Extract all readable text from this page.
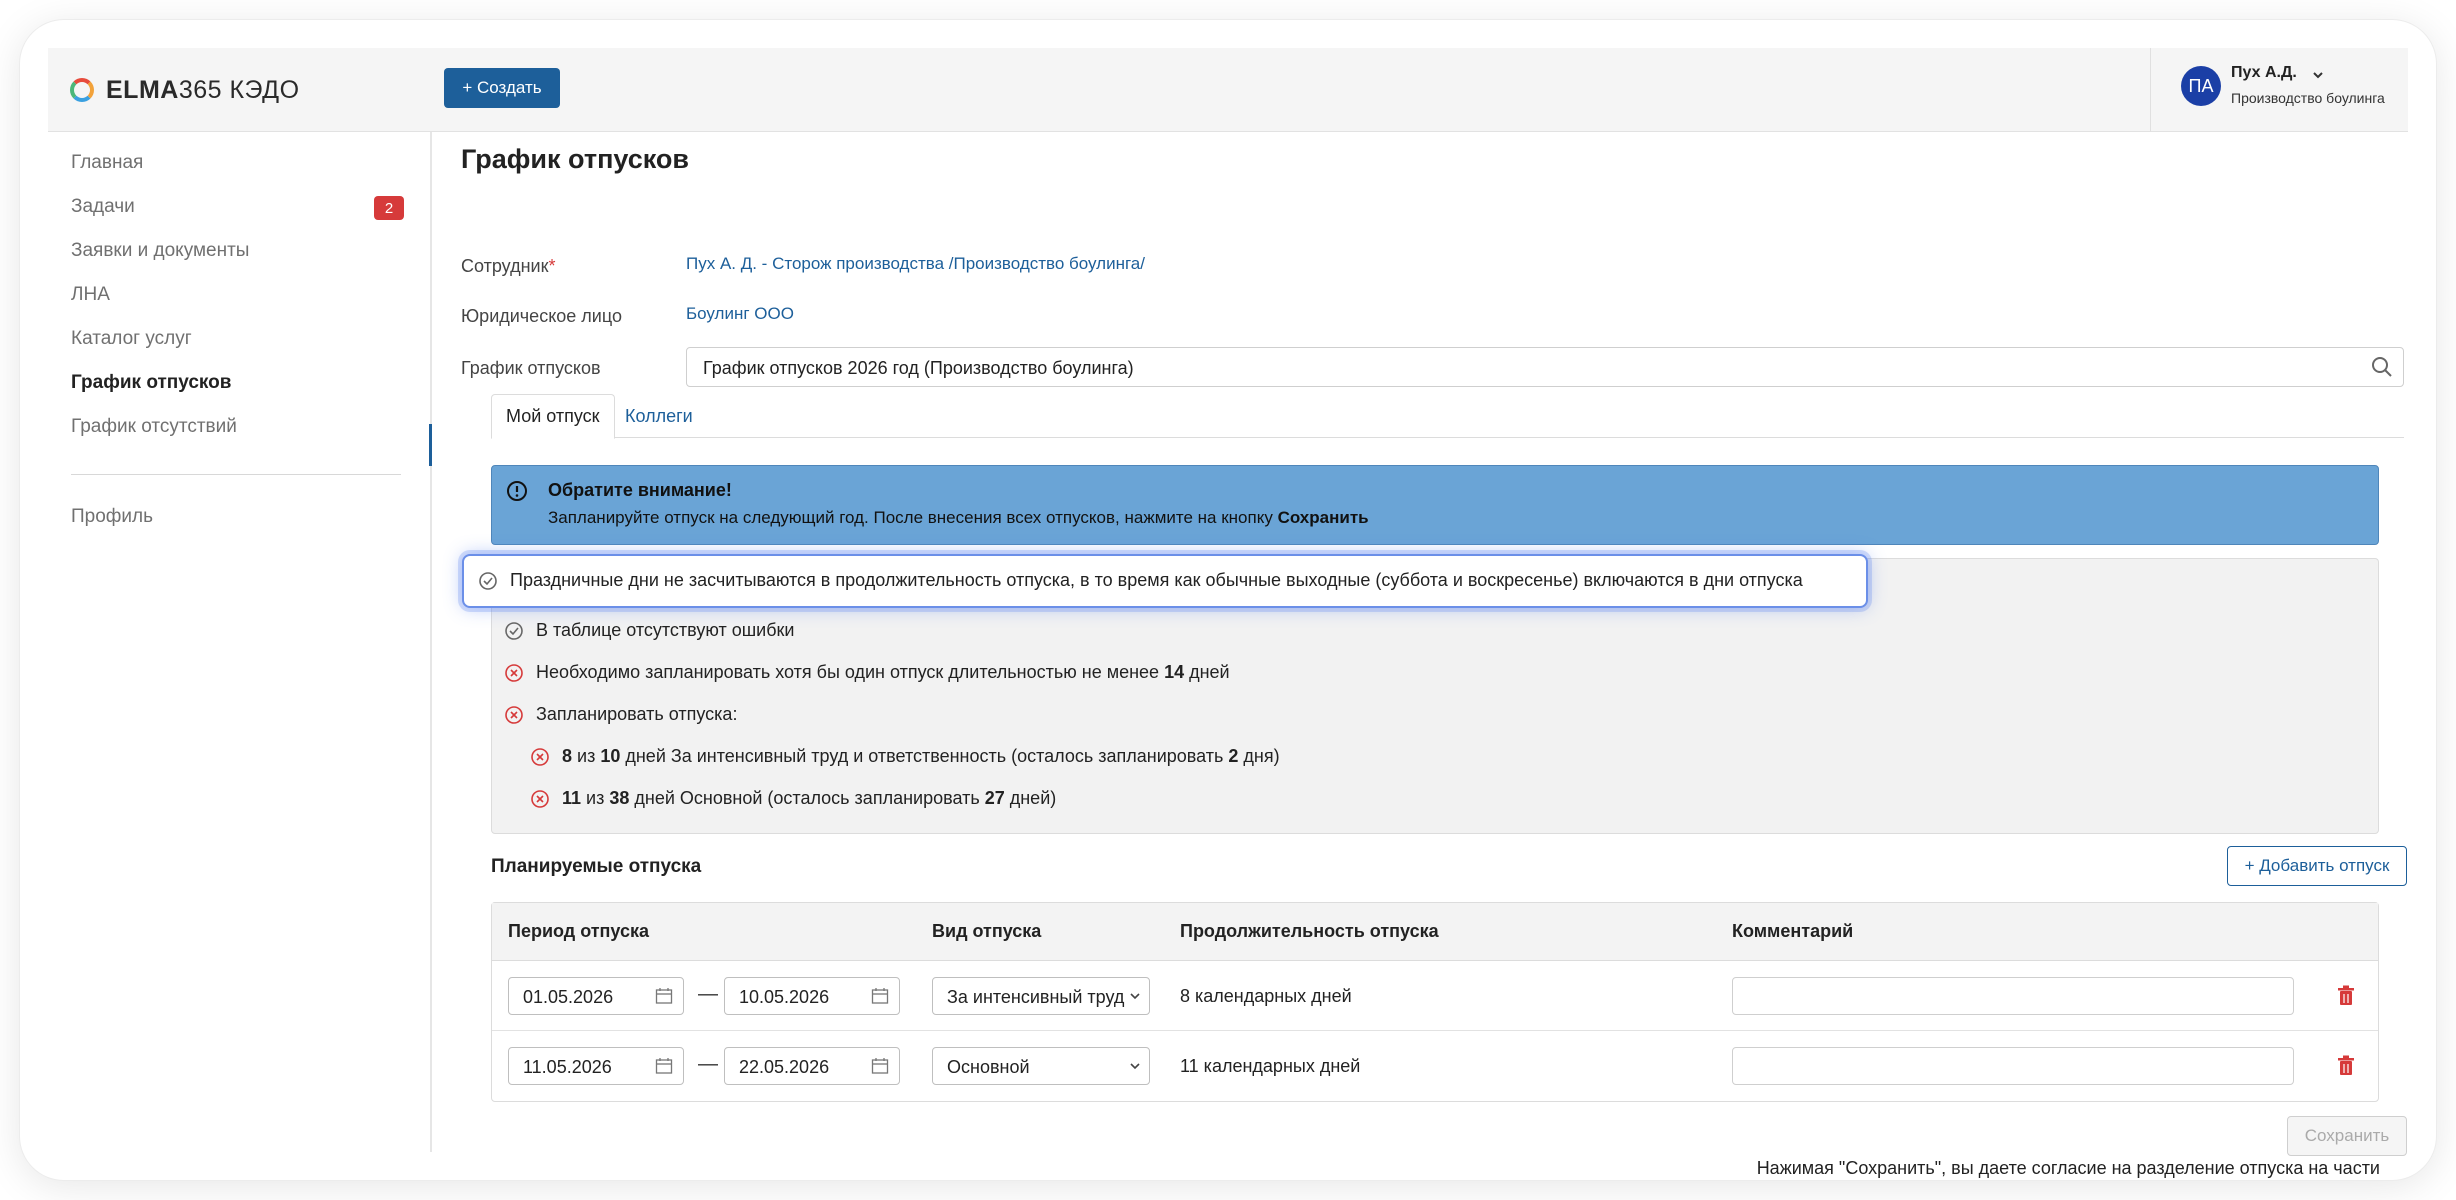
ELMA365 КЭДО	+ Создать	ПА
Пух А.Д.
Производство боулинга
Главная
Задачи	2
Заявки и документы
ЛНА
Каталог услуг
График отпусков
График отсутствий
Профиль
График отпусков
Сотрудник*	Пух А. Д. - Сторож производства /Производство боулинга/
Юридическое лицо	Боулинг ООО
График отпусков	График отпусков 2026 год (Производство боулинга)
Мой отпуск	Коллеги
Обратите внимание!
Запланируйте отпуск на следующий год. После внесения всех отпусков, нажмите на кнопку Сохранить
Праздничные дни не засчитываются в продолжительность отпуска, в то время как обычные выходные (суббота и воскресенье) включаются в дни отпуска
В таблице отсутствуют ошибки
Необходимо запланировать хотя бы один отпуск длительностью не менее 14 дней
Запланировать отпуска:
8 из 10 дней За интенсивный труд и ответственность (осталось запланировать 2 дня)
11 из 38 дней Основной (осталось запланировать 27 дней)
Планируемые отпуска	+ Добавить отпуск
Период отпуска	Вид отпуска	Продолжительность отпуска	Комментарий
01.05.2026	— 10.05.2026	За интенсивный труд	8 календарных дней
11.05.2026	— 22.05.2026	Основной	11 календарных дней
Сохранить
Нажимая "Сохранить", вы даете согласие на разделение отпуска на части
